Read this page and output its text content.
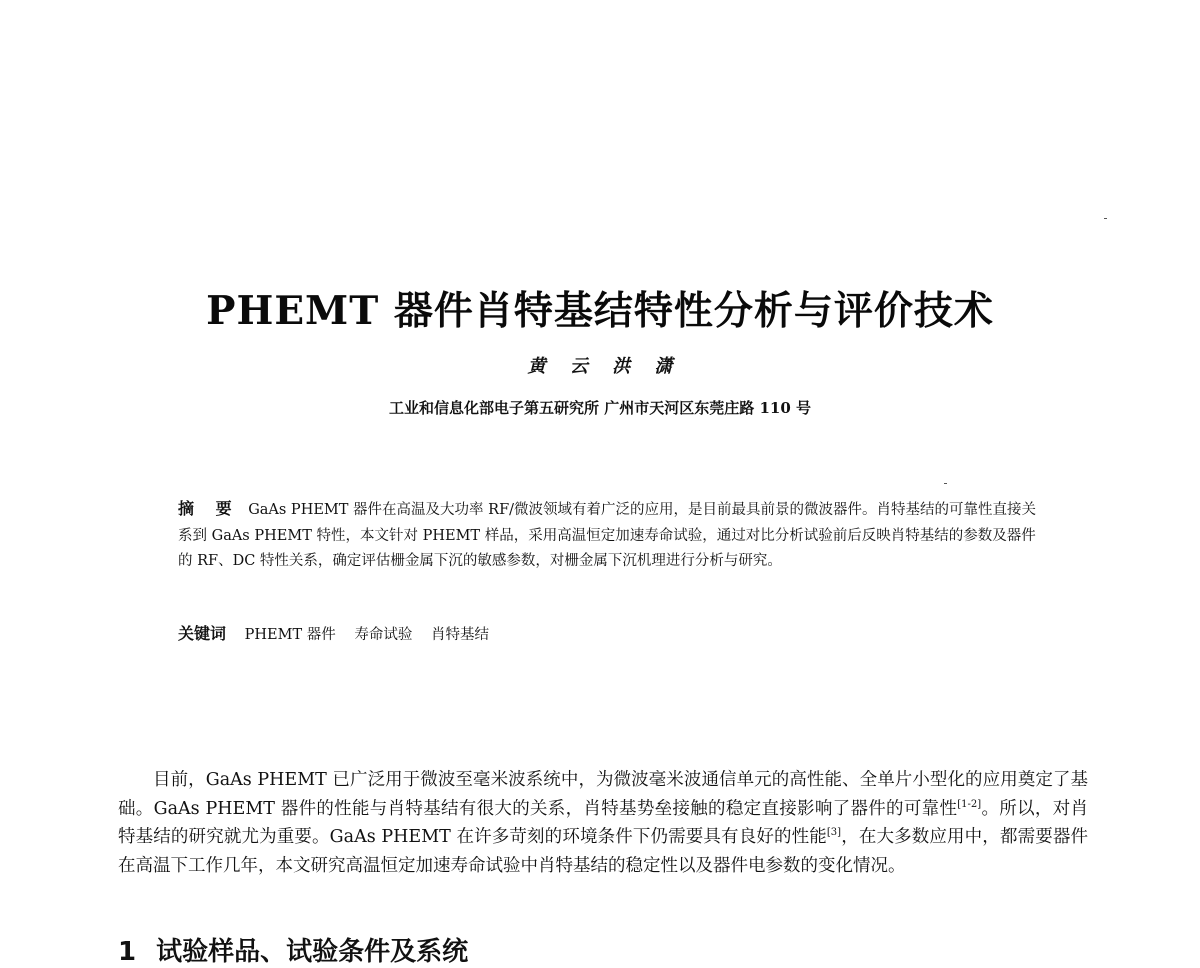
PHEMT 器件肖特基结特性分析与评价技术
黄 云 洪 潇
工业和信息化部电子第五研究所 广州市天河区东莞庄路 110 号
摘 要 GaAs PHEMT 器件在高温及大功率 RF/微波领域有着广泛的应用，是目前最具前景的微波器件。肖特基结的可靠性直接关系到 GaAs PHEMT 特性，本文针对 PHEMT 样品，采用高温恒定加速寿命试验，通过对比分析试验前后反映肖特基结的参数及器件的 RF、DC 特性关系，确定评估栅金属下沉的敏感参数，对栅金属下沉机理进行分析与研究。
关键词 PHEMT 器件 寿命试验 肖特基结
目前，GaAs PHEMT 已广泛用于微波至毫米波系统中，为微波毫米波通信单元的高性能、全单片小型化的应用奠定了基础。GaAs PHEMT 器件的性能与肖特基结有很大的关系，肖特基势垒接触的稳定直接影响了器件的可靠性[1-2]。所以，对肖特基结的研究就尤为重要。GaAs PHEMT 在许多苛刻的环境条件下仍需要具有良好的性能[3]，在大多数应用中，都需要器件在高温下工作几年，本文研究高温恒定加速寿命试验中肖特基结的稳定性以及器件电参数的变化情况。
1 试验样品、试验条件及系统
